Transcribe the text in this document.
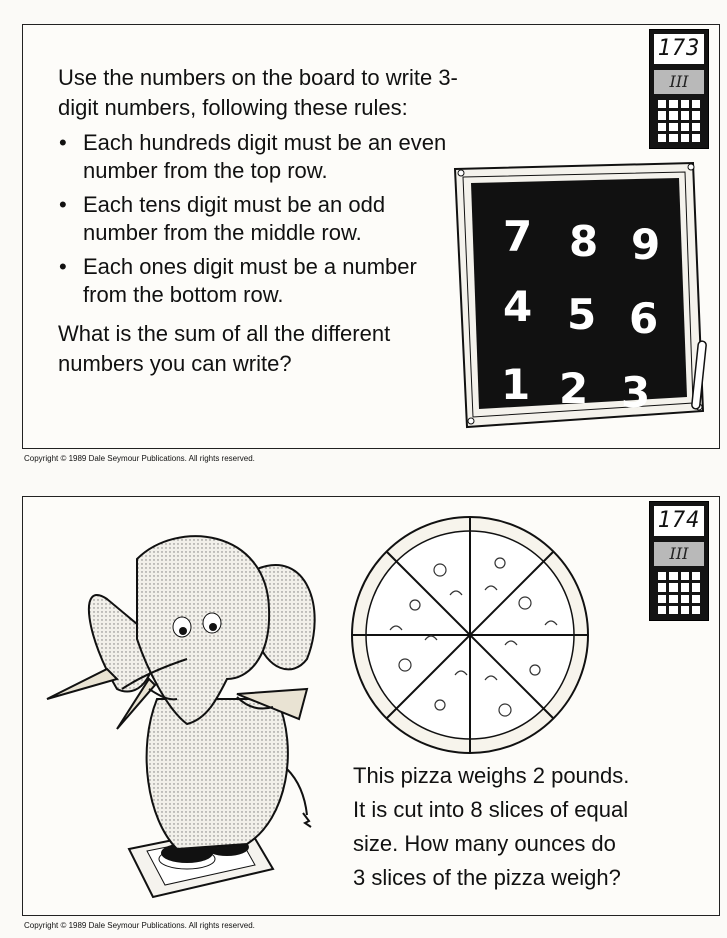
173
III
Use the numbers on the board to write 3-digit numbers, following these rules:
• Each hundreds digit must be an even number from the top row.
• Each tens digit must be an odd number from the middle row.
• Each ones digit must be a number from the bottom row.
What is the sum of all the different numbers you can write?
7 8 9
4 5 6
1 2 3
Copyright © 1989 Dale Seymour Publications. All rights reserved.
174
III
This pizza weighs 2 pounds.
It is cut into 8 slices of equal
size. How many ounces do
3 slices of the pizza weigh?
Copyright © 1989 Dale Seymour Publications. All rights reserved.
